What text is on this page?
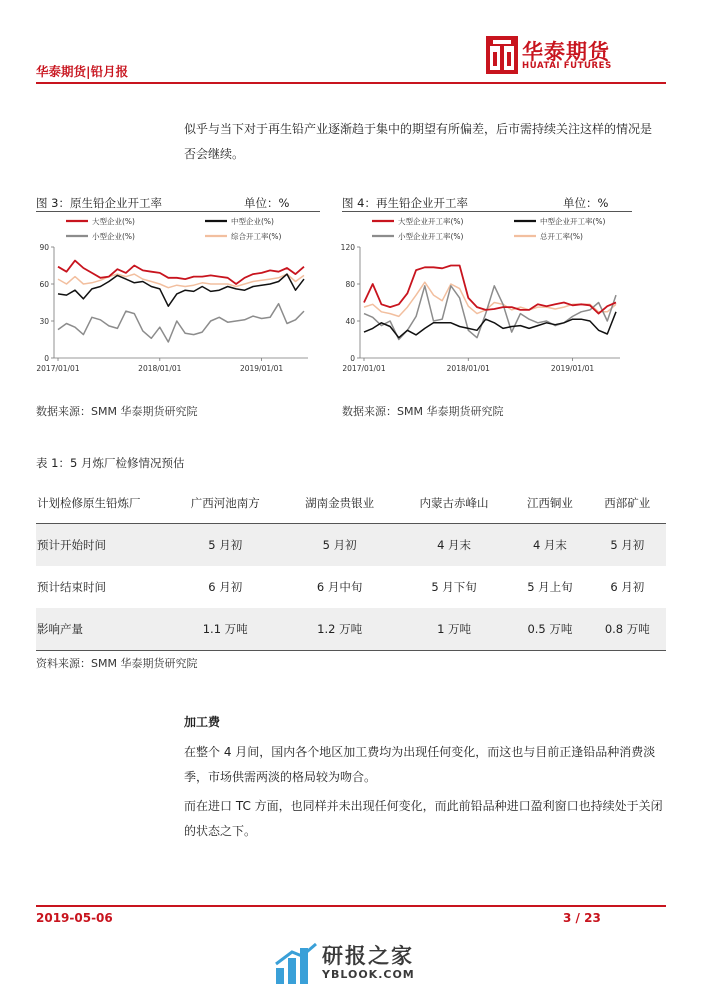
华泰期货|铅月报
华泰期货
HUATAI FUTURES
似乎与当下对于再生铅产业逐渐趋于集中的期望有所偏差，后市需持续关注这样的情况是
否会继续。
图 3：原生铅企业开工率	单位：%
大型企业(%)	中型企业(%)
小型企业(%)	综合开工率(%)
0
30
60
90
2017/01/01	2018/01/01	2019/01/01
数据来源：SMM 华泰期货研究院
图 4：再生铅企业开工率	单位：%
大型企业开工率(%)	中型企业开工率(%)
小型企业开工率(%)	总开工率(%)
0
40
80
120
2017/01/01	2018/01/01	2019/01/01
数据来源：SMM 华泰期货研究院
表 1：5 月炼厂检修情况预估
计划检修原生铅炼厂	广西河池南方	湖南金贵银业	内蒙古赤峰山	江西铜业	西部矿业
预计开始时间	5 月初	5 月初	4 月末	4 月末	5 月初
预计结束时间	6 月初	6 月中旬	5 月下旬	5 月上旬	6 月初
影响产量	1.1 万吨	1.2 万吨	1 万吨	0.5 万吨	0.8 万吨
资料来源：SMM 华泰期货研究院
加工费
在整个 4 月间，国内各个地区加工费均为出现任何变化，而这也与目前正逢铅品种消费淡
季，市场供需两淡的格局较为吻合。
而在进口 TC 方面，也同样并未出现任何变化，而此前铅品种进口盈利窗口也持续处于关闭
的状态之下。
2019-05-06	3 / 23
研报之家
YBLOOK.COM
